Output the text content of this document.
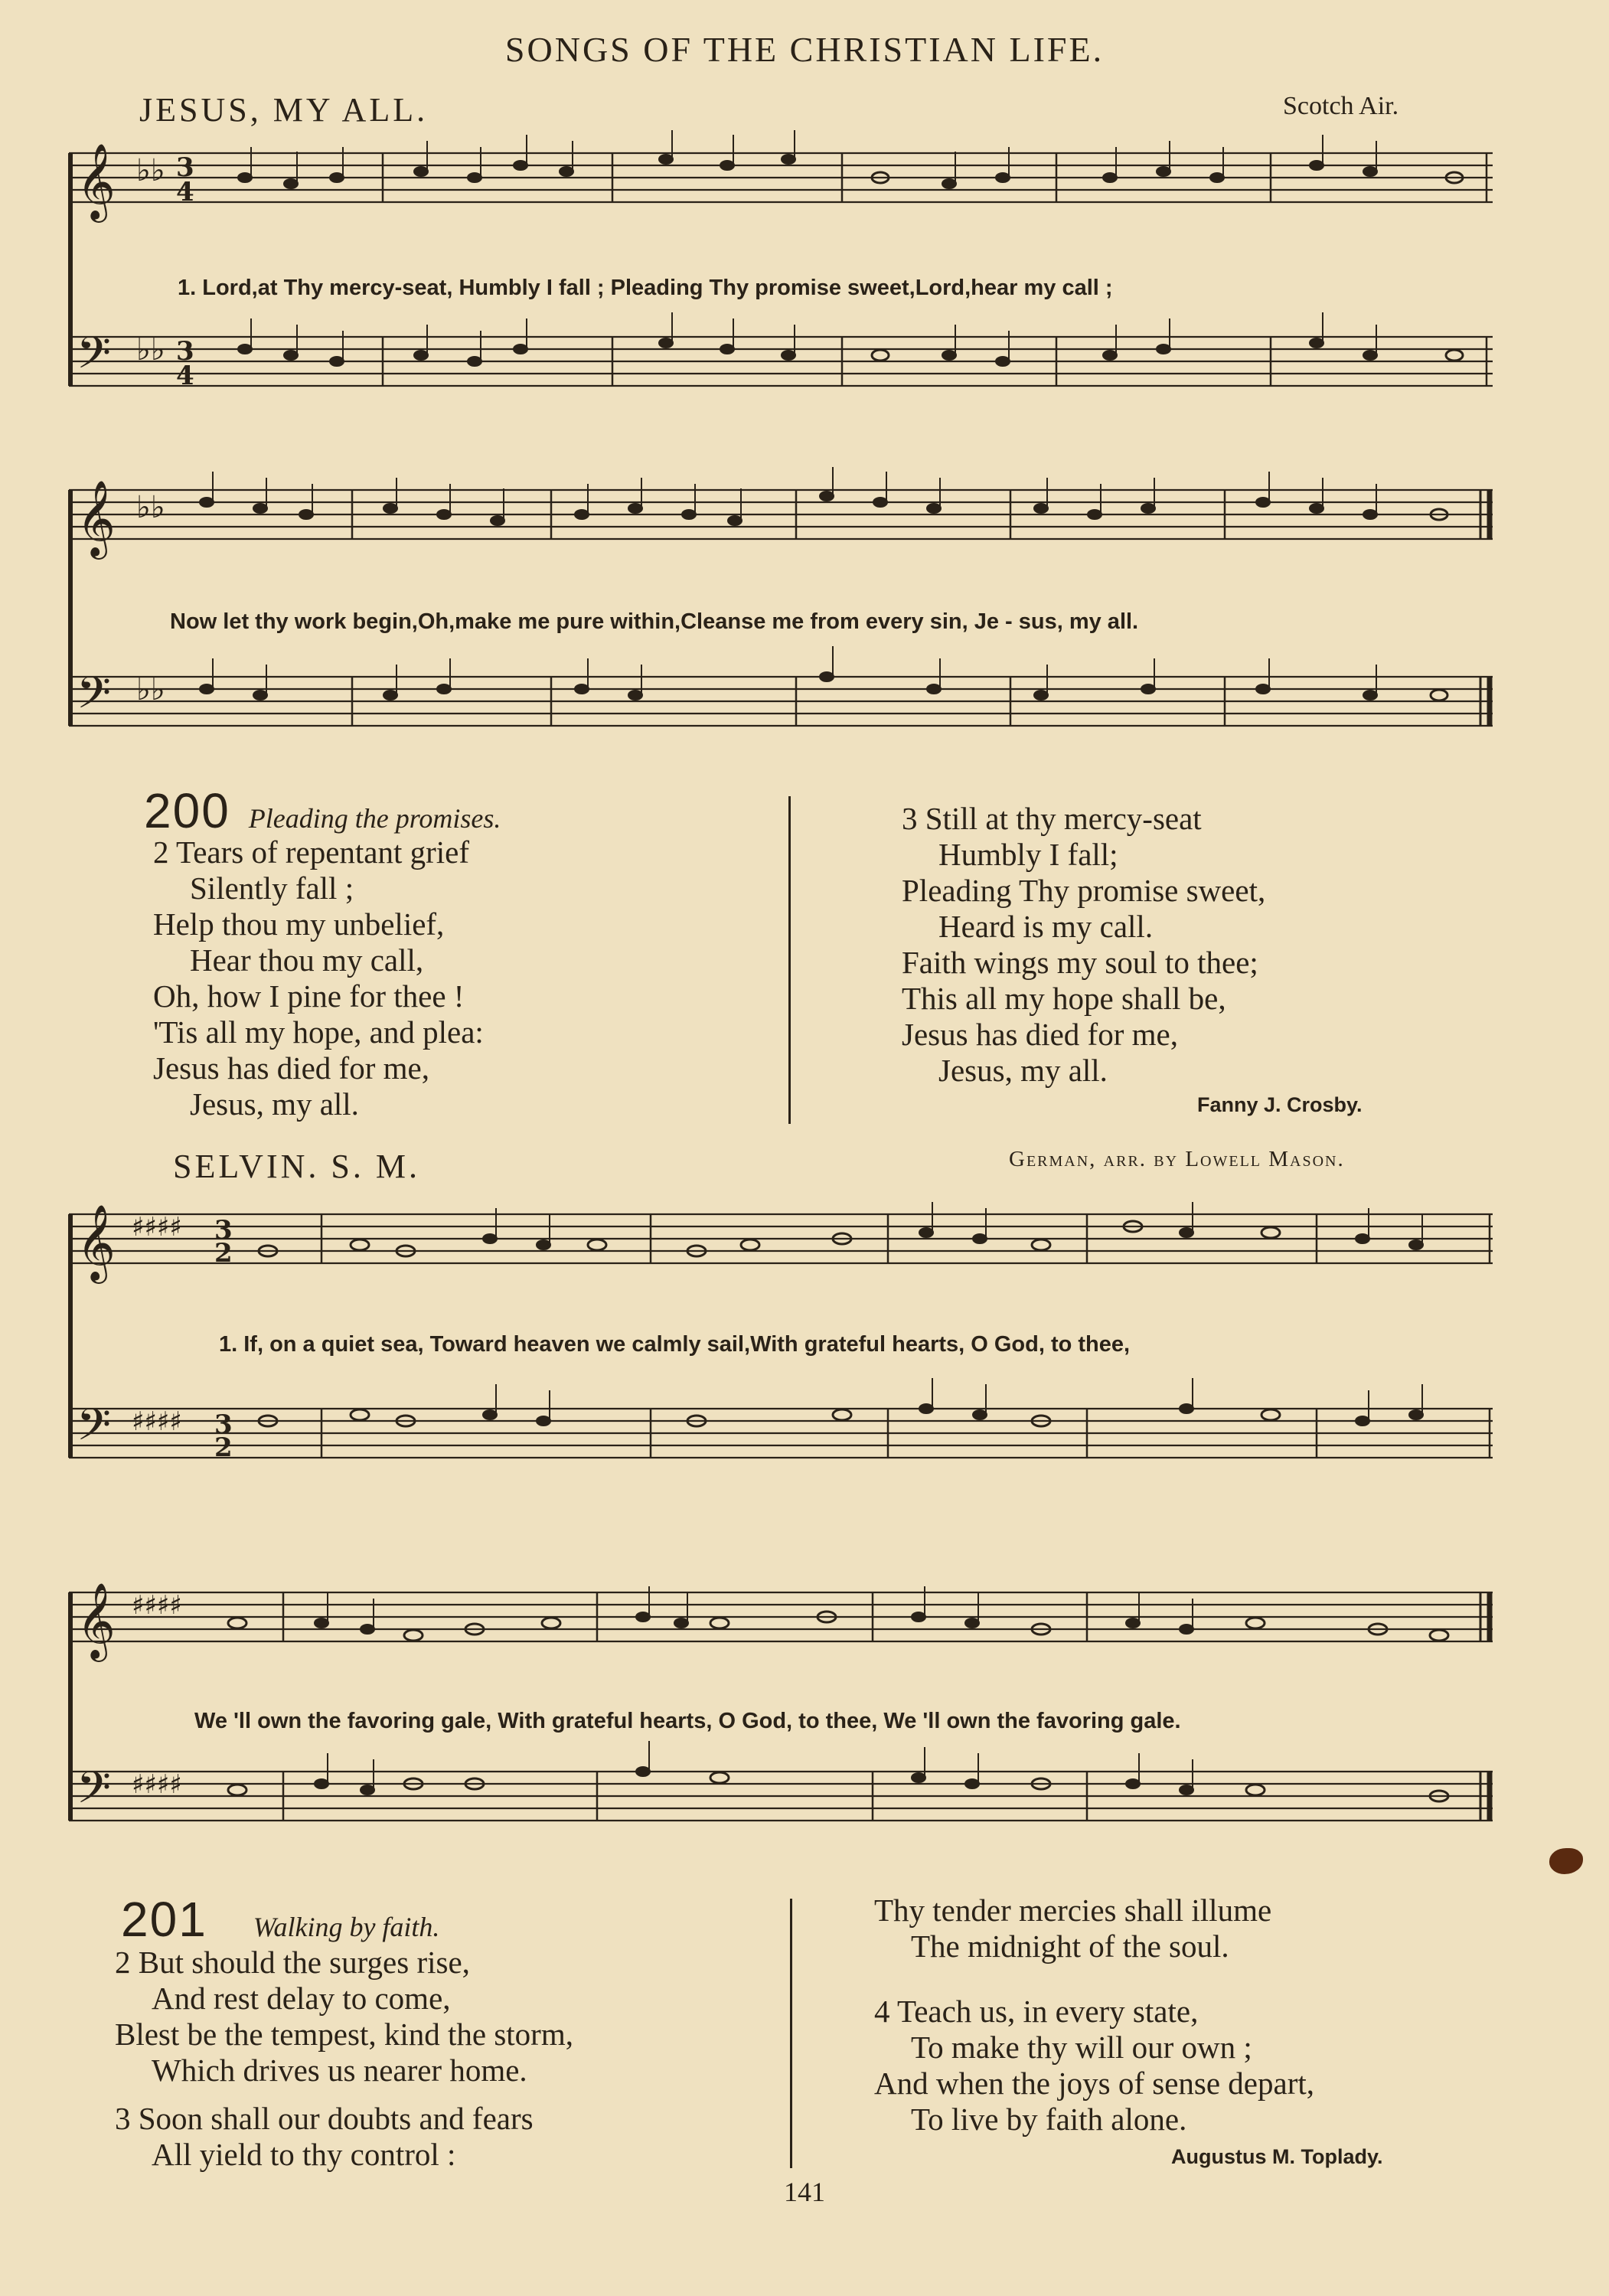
SONGS OF THE CHRISTIAN LIFE.
JESUS, MY ALL.	Scotch Air.
𝄞
𝄢
♭♭
♭♭
3
4
3
4
1. Lord,at Thy mercy-seat, Humbly I fall ; Pleading Thy promise sweet,Lord,hear my call ;
𝄞
𝄢
♭♭
♭♭
Now let thy work begin,Oh,make me pure within,Cleanse me from every sin, Je - sus, my all.
200 Pleading the promises.
2 Tears of repentant grief
Silently fall ;
Help thou my unbelief,
Hear thou my call,
Oh, how I pine for thee !
'Tis all my hope, and plea:
Jesus has died for me,
Jesus, my all.
3 Still at thy mercy-seat
Humbly I fall;
Pleading Thy promise sweet,
Heard is my call.
Faith wings my soul to thee;
This all my hope shall be,
Jesus has died for me,
Jesus, my all.
Fanny J. Crosby.
SELVIN. S. M.	German, arr. by Lowell Mason.
𝄞
𝄢
♯♯♯♯
♯♯♯♯
3
2
3
2
1. If, on a quiet sea, Toward heaven we calmly sail,With grateful hearts, O God, to thee,
𝄞
𝄢
♯♯♯♯
♯♯♯♯
We 'll own the favoring gale, With grateful hearts, O God, to thee, We 'll own the favoring gale.
201 Walking by faith.
2 But should the surges rise,
And rest delay to come,
Blest be the tempest, kind the storm,
Which drives us nearer home.
3 Soon shall our doubts and fears
All yield to thy control :
Thy tender mercies shall illume
The midnight of the soul.
4 Teach us, in every state,
To make thy will our own ;
And when the joys of sense depart,
To live by faith alone.
Augustus M. Toplady.
141
